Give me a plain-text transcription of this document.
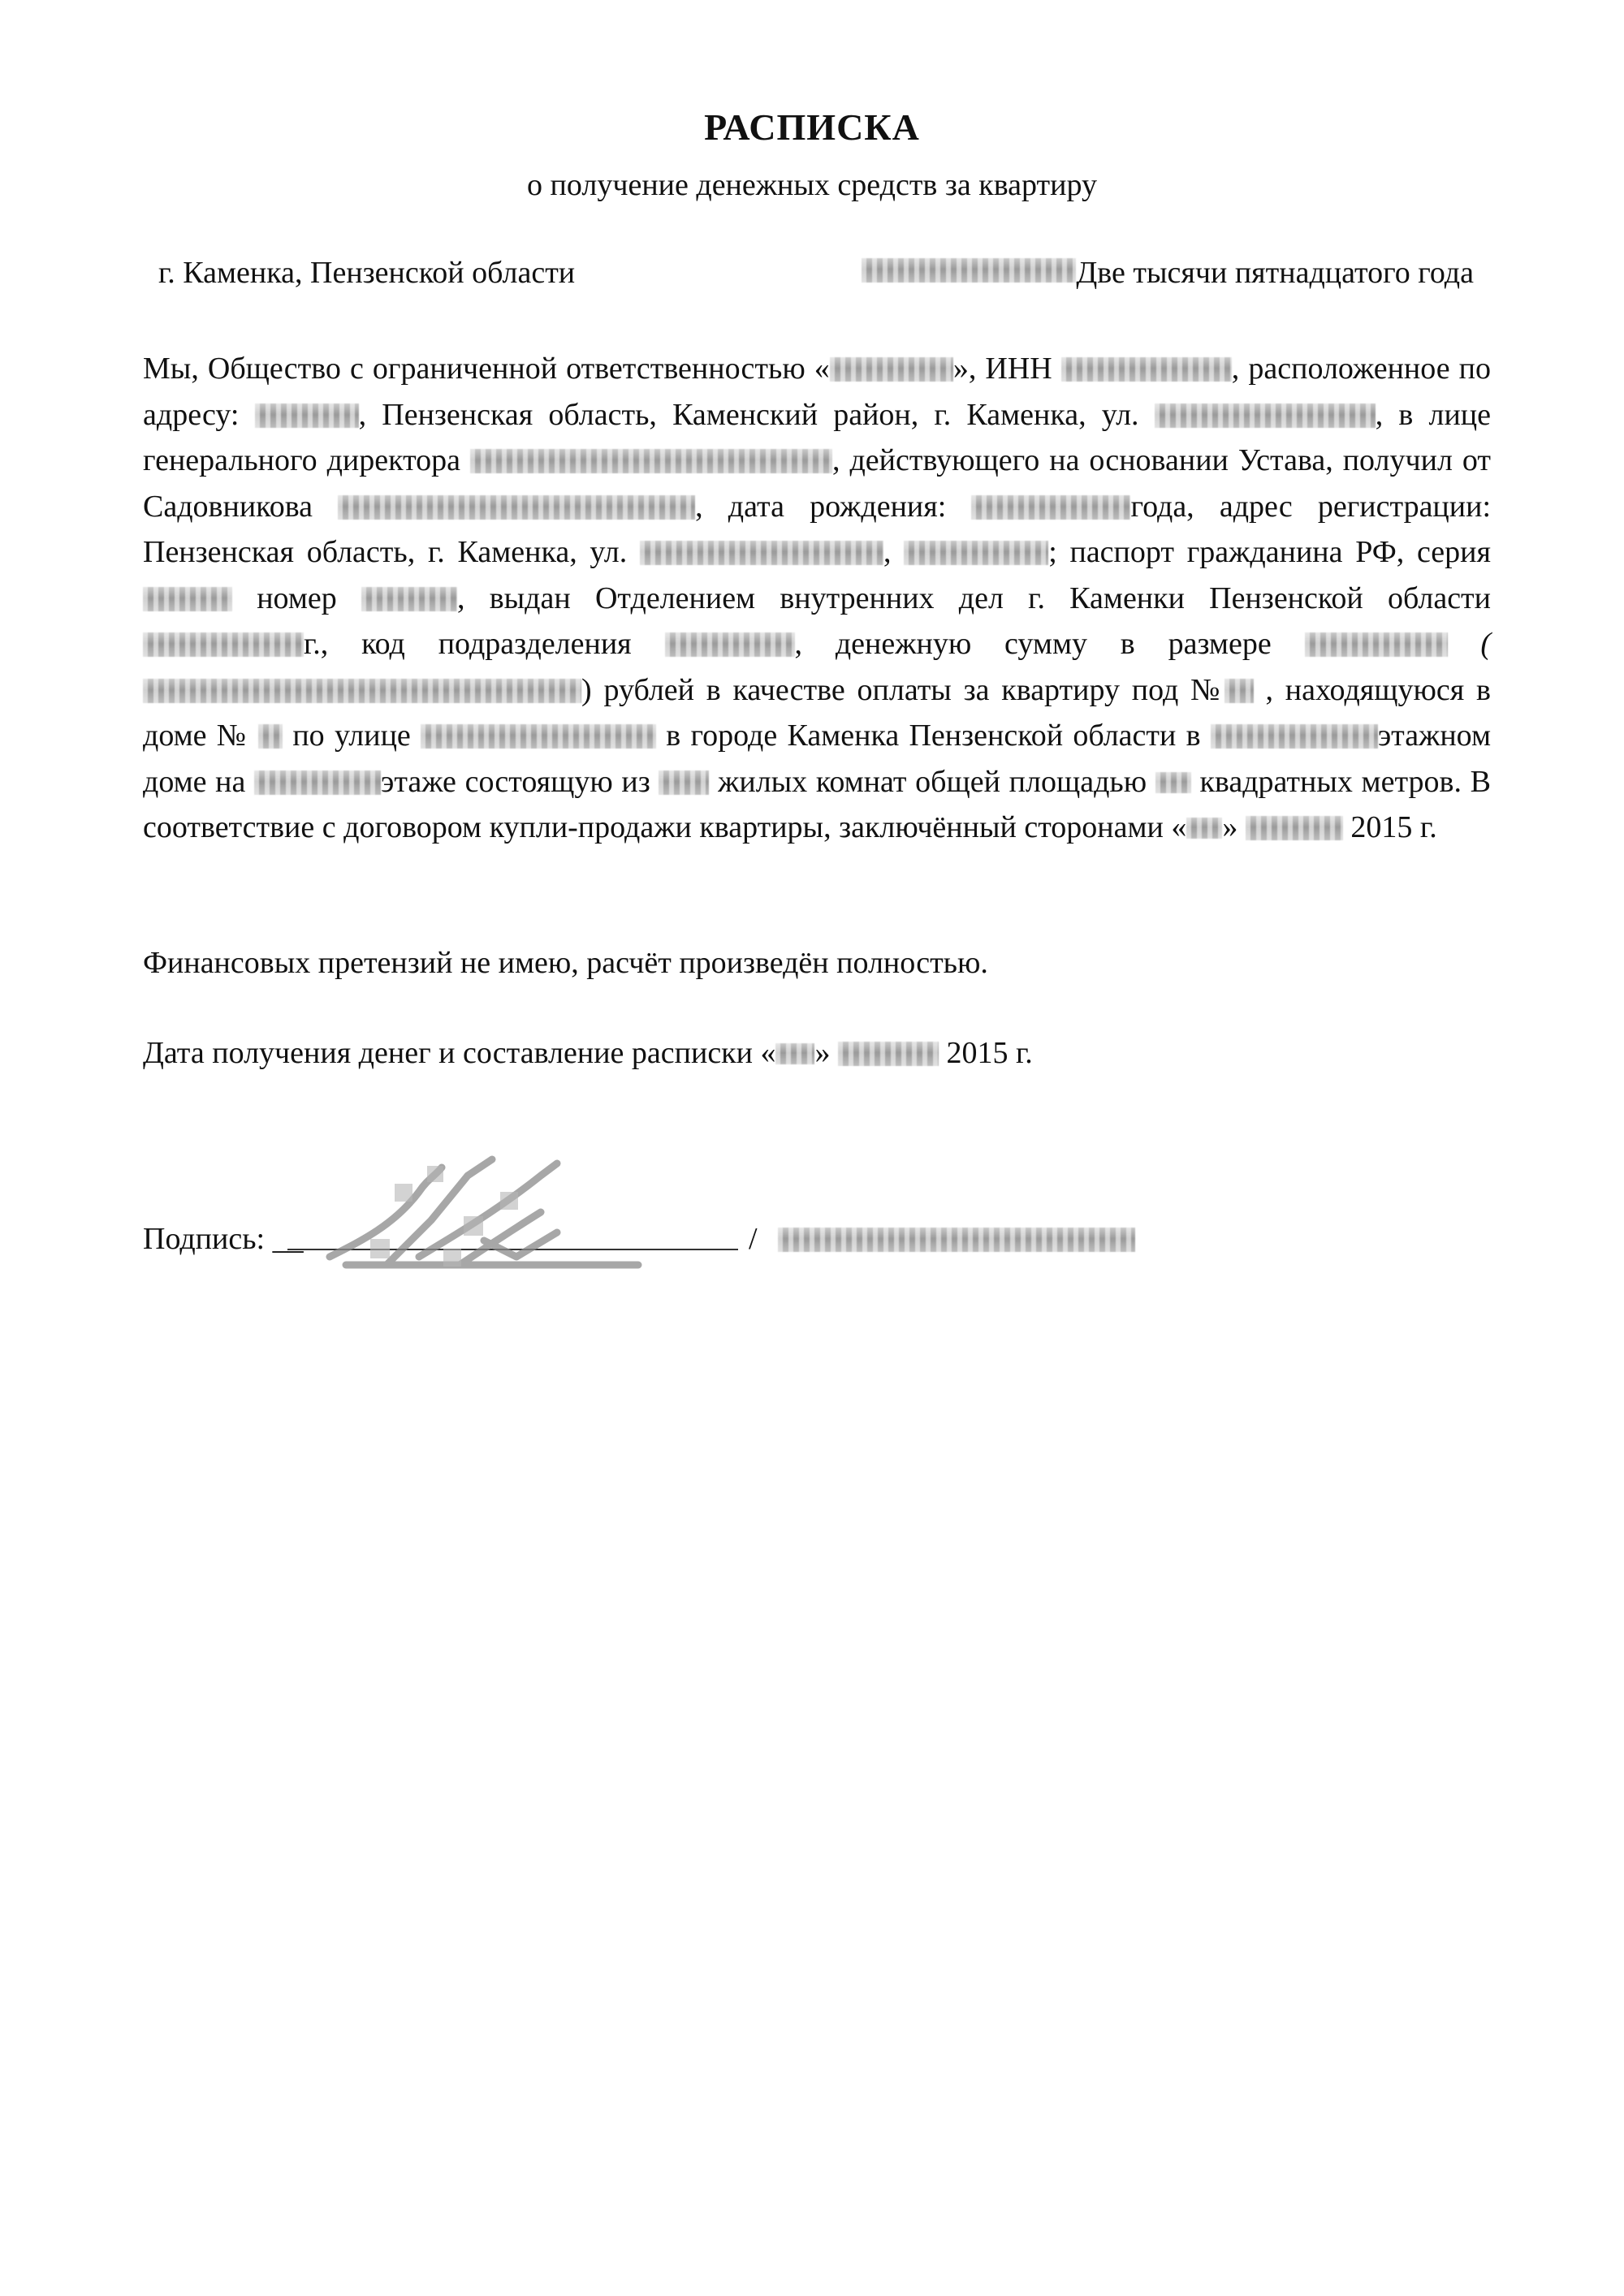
РАСПИСКА
о получение денежных средств за квартиру
г. Каменка, Пензенской области	Две тысячи пятнадцатого года
Мы, Общество с ограниченной ответственностью «	», ИНН	, расположенное по адресу:	, Пензенская область, Каменский район, г. Каменка, ул.	, в лице генерального директора	, действующего на основании Устава, получил от Садовникова	, дата рождения:	года, адрес регистрации: Пензенская область, г. Каменка, ул.	,	; паспорт гражданина РФ, серия  номер	, выдан Отделением внутренних дел г. Каменки Пензенской области г., код подразделения	, денежную сумму в размере	() рублей в качестве оплаты за квартиру под № , находящуюся в доме №  по улице	в городе Каменка Пензенской области в	этажном доме на	этаже состоящую из  жилых комнат общей площадью  квадратных метров. В соответствие с договором купли-продажи квартиры, заключённый сторонами « »	2015 г.
Финансовых претензий не имею, расчёт произведён полностью.
Дата получения денег и составление расписки « »	2015 г.
Подпись: __	/
